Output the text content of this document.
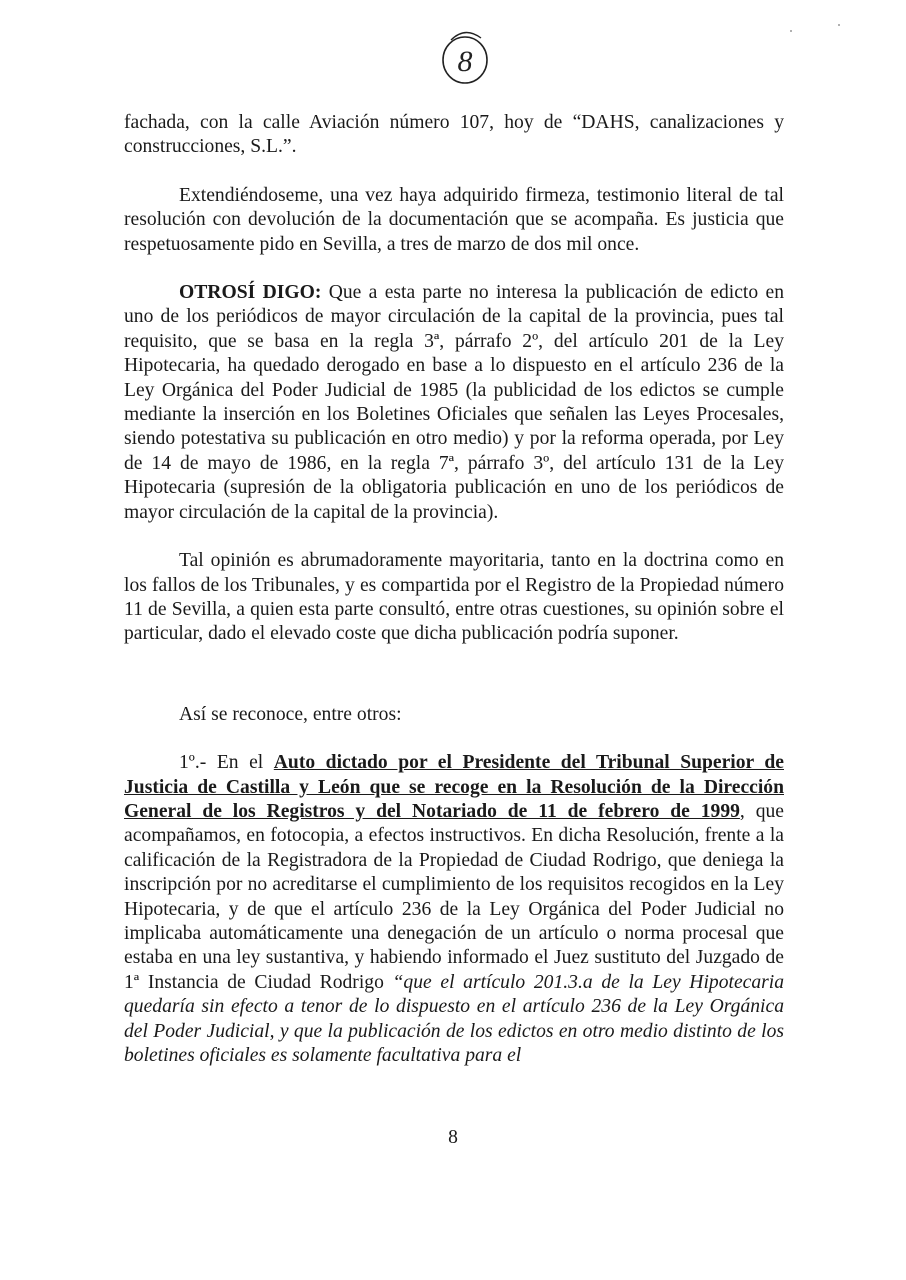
8

fachada, con la calle Aviación número 107, hoy de “DAHS, canalizaciones y construcciones, S.L.”.

Extendiéndoseme, una vez haya adquirido firmeza, testimonio literal de tal resolución con devolución de la documentación que se acompaña. Es justicia que respetuosamente pido en Sevilla, a tres de marzo de dos mil once.

OTROSÍ DIGO: Que a esta parte no interesa la publicación de edicto en uno de los periódicos de mayor circulación de la capital de la provincia, pues tal requisito, que se basa en la regla 3ª, párrafo 2º, del artículo 201 de la Ley Hipotecaria, ha quedado derogado en base a lo dispuesto en el artículo 236 de la Ley Orgánica del Poder Judicial de 1985 (la publicidad de los edictos se cumple mediante la inserción en los Boletines Oficiales que señalen las Leyes Procesales, siendo potestativa su publicación en otro medio) y por la reforma operada, por Ley de 14 de mayo de 1986, en la regla 7ª, párrafo 3º, del artículo 131 de la Ley Hipotecaria (supresión de la obligatoria publicación en uno de los periódicos de mayor circulación de la capital de la provincia).

Tal opinión es abrumadoramente mayoritaria, tanto en la doctrina como en los fallos de los Tribunales, y es compartida por el Registro de la Propiedad número 11 de Sevilla, a quien esta parte consultó, entre otras cuestiones, su opinión sobre el particular, dado el elevado coste que dicha publicación podría suponer.

Así se reconoce, entre otros:

1º.- En el Auto dictado por el Presidente del Tribunal Superior de Justicia de Castilla y León que se recoge en la Resolución de la Dirección General de los Registros y del Notariado de 11 de febrero de 1999, que acompañamos, en fotocopia, a efectos instructivos. En dicha Resolución, frente a la calificación de la Registradora de la Propiedad de Ciudad Rodrigo, que deniega la inscripción por no acreditarse el cumplimiento de los requisitos recogidos en la Ley Hipotecaria, y de que el artículo 236 de la Ley Orgánica del Poder Judicial no implicaba automáticamente una denegación de un artículo o norma procesal que estaba en una ley sustantiva, y habiendo informado el Juez sustituto del Juzgado de 1ª Instancia de Ciudad Rodrigo “que el artículo 201.3.a de la Ley Hipotecaria quedaría sin efecto a tenor de lo dispuesto en el artículo 236 de la Ley Orgánica del Poder Judicial, y que la publicación de los edictos en otro medio distinto de los boletines oficiales es solamente facultativa para el

8
